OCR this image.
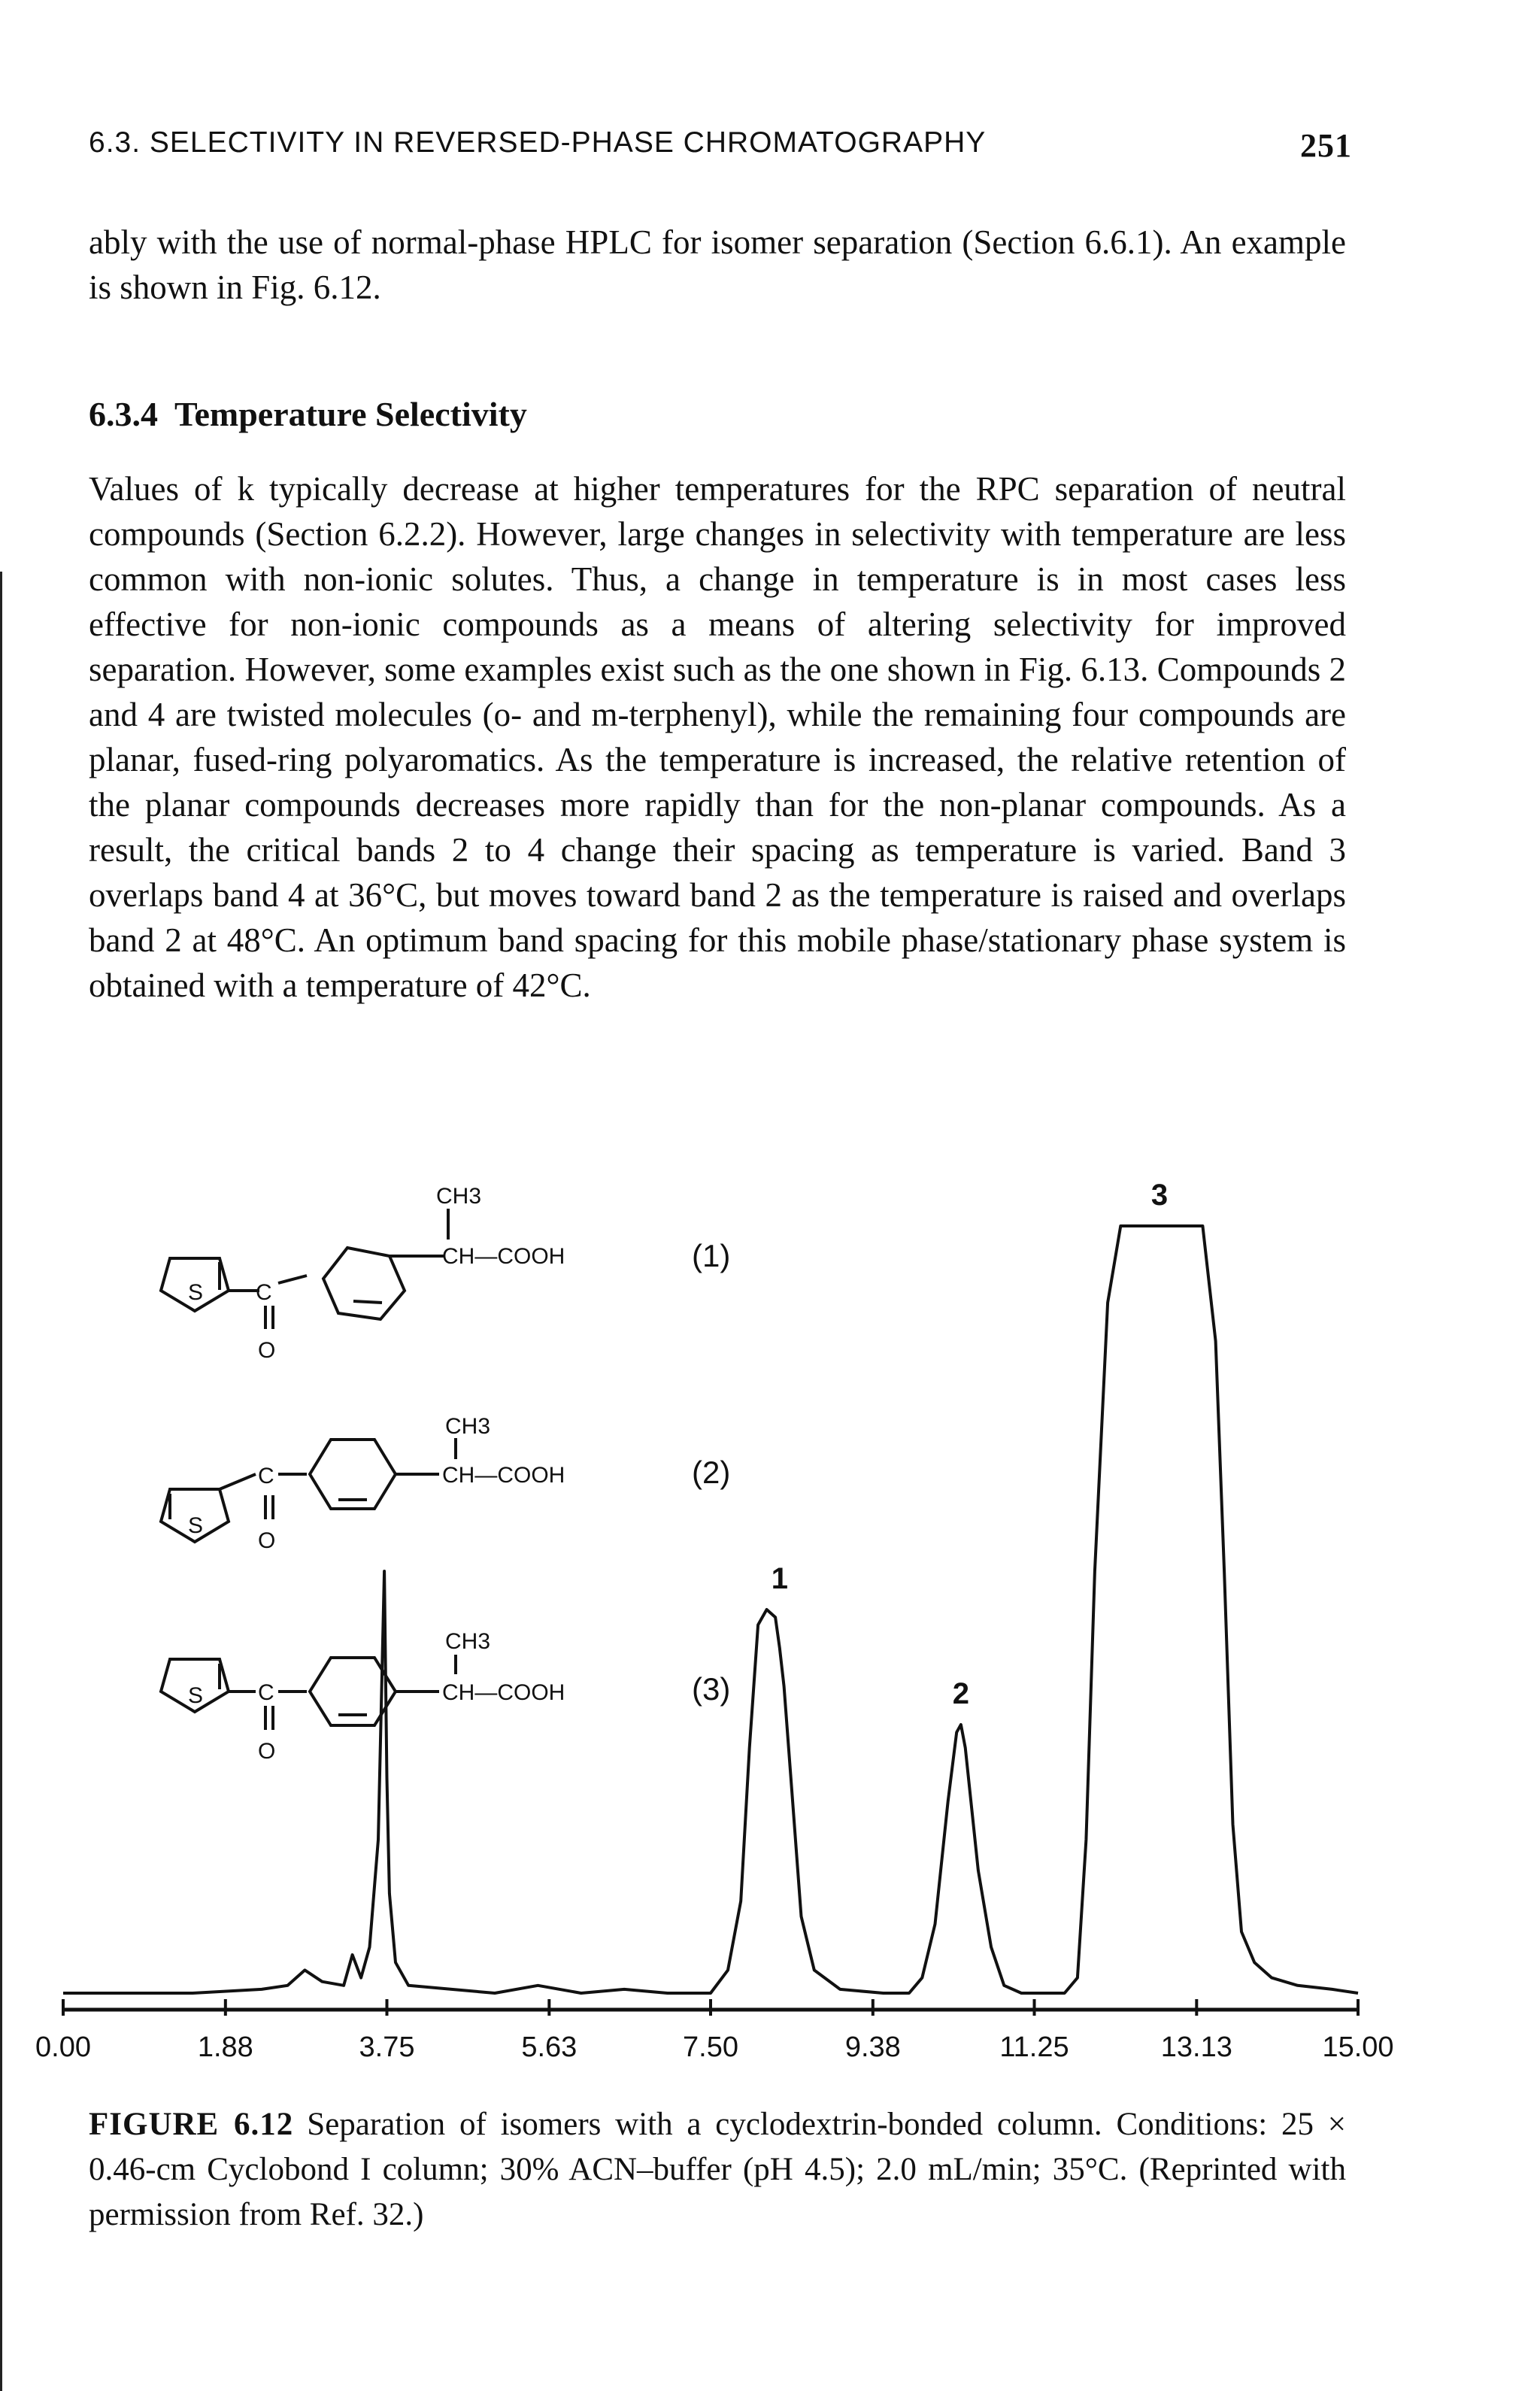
6.3. SELECTIVITY IN REVERSED-PHASE CHROMATOGRAPHY	251

ably with the use of normal-phase HPLC for isomer separation (Section 6.6.1). An example is shown in Fig. 6.12.

6.3.4 Temperature Selectivity

Values of k typically decrease at higher temperatures for the RPC separation of neutral compounds (Section 6.2.2). However, large changes in selectivity with temperature are less common with non-ionic solutes. Thus, a change in temperature is in most cases less effective for non-ionic compounds as a means of altering selectivity for improved separation. However, some examples exist such as the one shown in Fig. 6.13. Compounds 2 and 4 are twisted molecules (o- and m-terphenyl), while the remaining four compounds are planar, fused-ring polyaromatics. As the temperature is increased, the relative retention of the planar compounds decreases more rapidly than for the non-planar compounds. As a result, the critical bands 2 to 4 change their spacing as temperature is varied. Band 3 overlaps band 4 at 36°C, but moves toward band 2 as the temperature is raised and overlaps band 2 at 48°C. An optimum band spacing for this mobile phase/stationary phase system is obtained with a temperature of 42°C.

S C
O
CH3
CH—COOH	(1)
S
C
O
CH3
CH—COOH	(2)
S C
O
CH3
CH—COOH	(3)
0.00	1.88	3.75	5.63	7.50	9.38	11.25	13.13	15.00
1
2
3

FIGURE 6.12 Separation of isomers with a cyclodextrin-bonded column. Conditions: 25 × 0.46-cm Cyclobond I column; 30% ACN–buffer (pH 4.5); 2.0 mL/min; 35°C. (Reprinted with permission from Ref. 32.)
